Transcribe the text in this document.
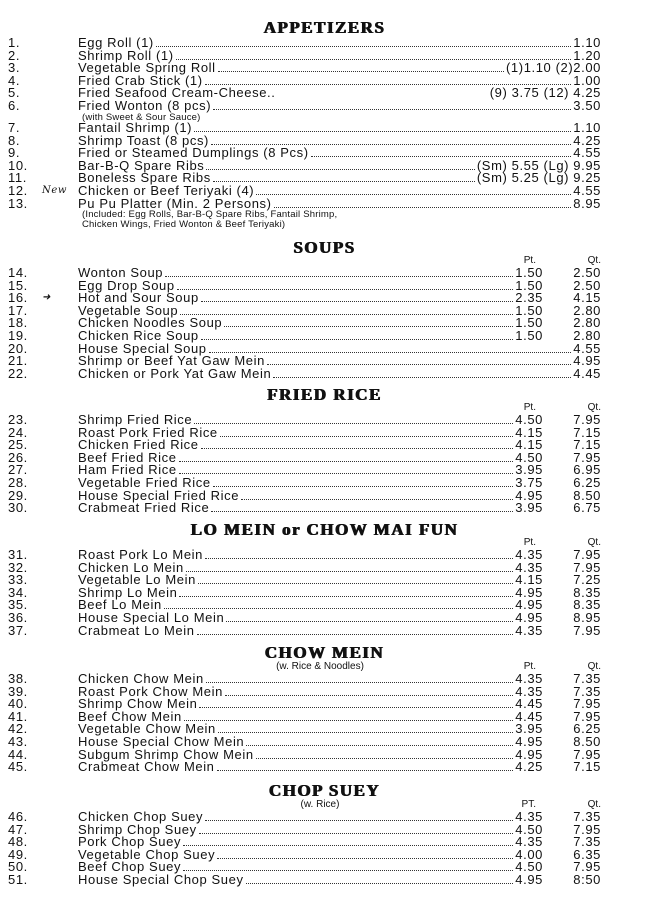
APPETIZERS
1.	Egg Roll (1)	1.10
2.	Shrimp Roll (1)	1.20
3.	Vegetable Spring Roll	(1)1.10 (2)2.00
4.	Fried Crab Stick (1)	1.00
5.	Fried Seafood Cream-Cheese..	(9) 3.75 (12) 4.25
6.	Fried Wonton (8 pcs)	3.50
(with Sweet & Sour Sauce)
7.	Fantail Shrimp (1)	1.10
8.	Shrimp Toast (8 pcs)	4.25
9.	Fried or Steamed Dumplings (8 Pcs)	4.55
10.	Bar-B-Q Spare Ribs	(Sm) 5.55 (Lg) 9.95
11.	Boneless Spare Ribs	(Sm) 5.25 (Lg) 9.25
12.	New Chicken or Beef Teriyaki (4)	4.55
13.	Pu Pu Platter (Min. 2 Persons)	8.95
(Included: Egg Rolls, Bar-B-Q Spare Ribs, Fantail Shrimp,
Chicken Wings, Fried Wonton & Beef Teriyaki)
SOUPS
Pt.	Qt.
14.	Wonton Soup	1.50	2.50
15.	Egg Drop Soup	1.50	2.50
16.	➜	Hot and Sour Soup	2.35	4.15
17.	Vegetable Soup	1.50	2.80
18.	Chicken Noodles Soup	1.50	2.80
19.	Chicken Rice Soup	1.50	2.80
20.	House Special Soup	4.55
21.	Shrimp or Beef Yat Gaw Mein	4.95
22.	Chicken or Pork Yat Gaw Mein	4.45
FRIED RICE
Pt.	Qt.
23.	Shrimp Fried Rice	4.50	7.95
24.	Roast Pork Fried Rice	4.15	7.15
25.	Chicken Fried Rice	4.15	7.15
26.	Beef Fried Rice	4.50	7.95
27.	Ham Fried Rice	3.95	6.95
28.	Vegetable Fried Rice	3.75	6.25
29.	House Special Fried Rice	4.95	8.50
30.	Crabmeat Fried Rice	3.95	6.75
LO MEIN or CHOW MAI FUN
Pt.	Qt.
31.	Roast Pork Lo Mein	4.35	7.95
32.	Chicken Lo Mein	4.35	7.95
33.	Vegetable Lo Mein	4.15	7.25
34.	Shrimp Lo Mein	4.95	8.35
35.	Beef Lo Mein	4.95	8.35
36.	House Special Lo Mein	4.95	8.95
37.	Crabmeat Lo Mein	4.35	7.95
CHOW MEIN
(w. Rice & Noodles)	Pt.	Qt.
38.	Chicken Chow Mein	4.35	7.35
39.	Roast Pork Chow Mein	4.35	7.35
40.	Shrimp Chow Mein	4.45	7.95
41.	Beef Chow Mein	4.45	7.95
42.	Vegetable Chow Mein	3.95	6.25
43.	House Special Chow Mein	4.95	8.50
44.	Subgum Shrimp Chow Mein	4.95	7.95
45.	Crabmeat Chow Mein	4.25	7.15
CHOP SUEY
(w. Rice)	PT.	Qt.
46.	Chicken Chop Suey	4.35	7.35
47.	Shrimp Chop Suey	4.50	7.95
48.	Pork Chop Suey	4.35	7.35
49.	Vegetable Chop Suey	4.00	6.35
50.	Beef Chop Suey	4.50	7.95
51.	House Special Chop Suey	4.95	8:50
